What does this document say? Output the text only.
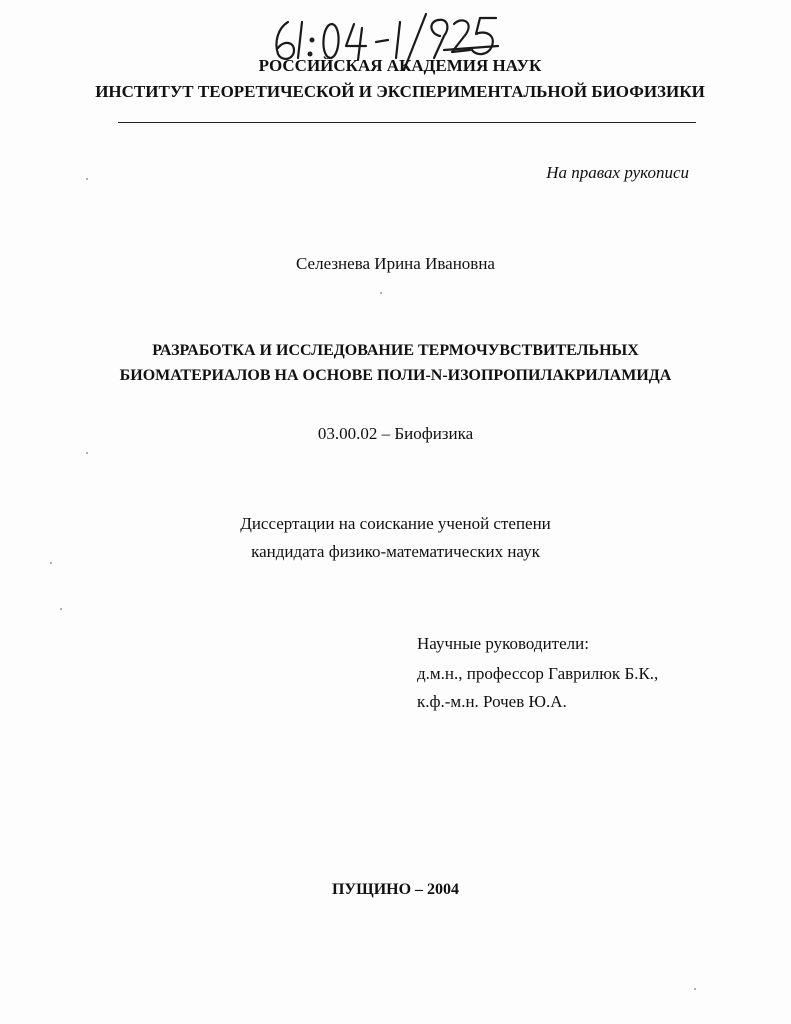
РОССИЙСКАЯ АКАДЕМИЯ НАУК
ИНСТИТУТ ТЕОРЕТИЧЕСКОЙ И ЭКСПЕРИМЕНТАЛЬНОЙ БИОФИЗИКИ
На правах рукописи
Селезнева Ирина Ивановна
РАЗРАБОТКА И ИССЛЕДОВАНИЕ ТЕРМОЧУВСТВИТЕЛЬНЫХ
БИОМАТЕРИАЛОВ НА ОСНОВЕ ПОЛИ-N-ИЗОПРОПИЛАКРИЛАМИДА
03.00.02 – Биофизика
Диссертации на соискание ученой степени
кандидата физико-математических наук
Научные руководители:
д.м.н., профессор Гаврилюк Б.К.,
к.ф.-м.н. Рочев Ю.А.
ПУЩИНО – 2004
